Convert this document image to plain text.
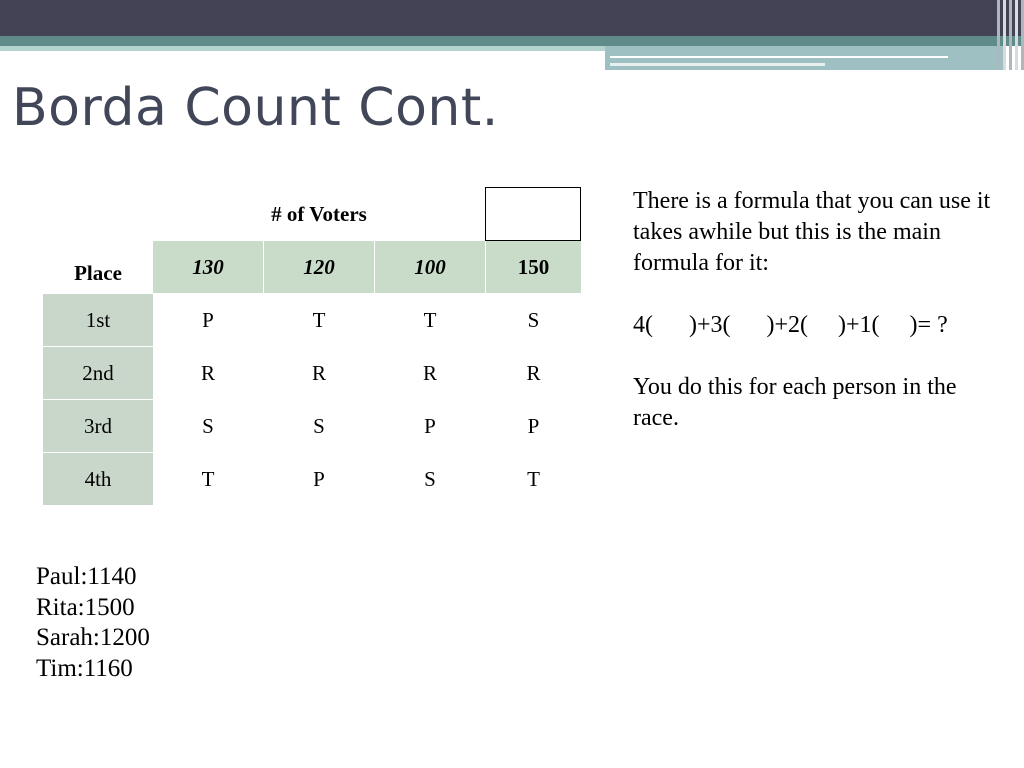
Borda Count Cont.
# of Voters
Place	130	120	100	150
1st	P	T	T	S
2nd	R	R	R	R
3rd	S	S	P	P
4th	T	P	S	T

There is a formula that you can use it takes awhile but this is the main formula for it:

4(      )+3(      )+2(     )+1(     )= ?

You do this for each person in the race.

Paul:1140
Rita:1500
Sarah:1200
Tim:1160
